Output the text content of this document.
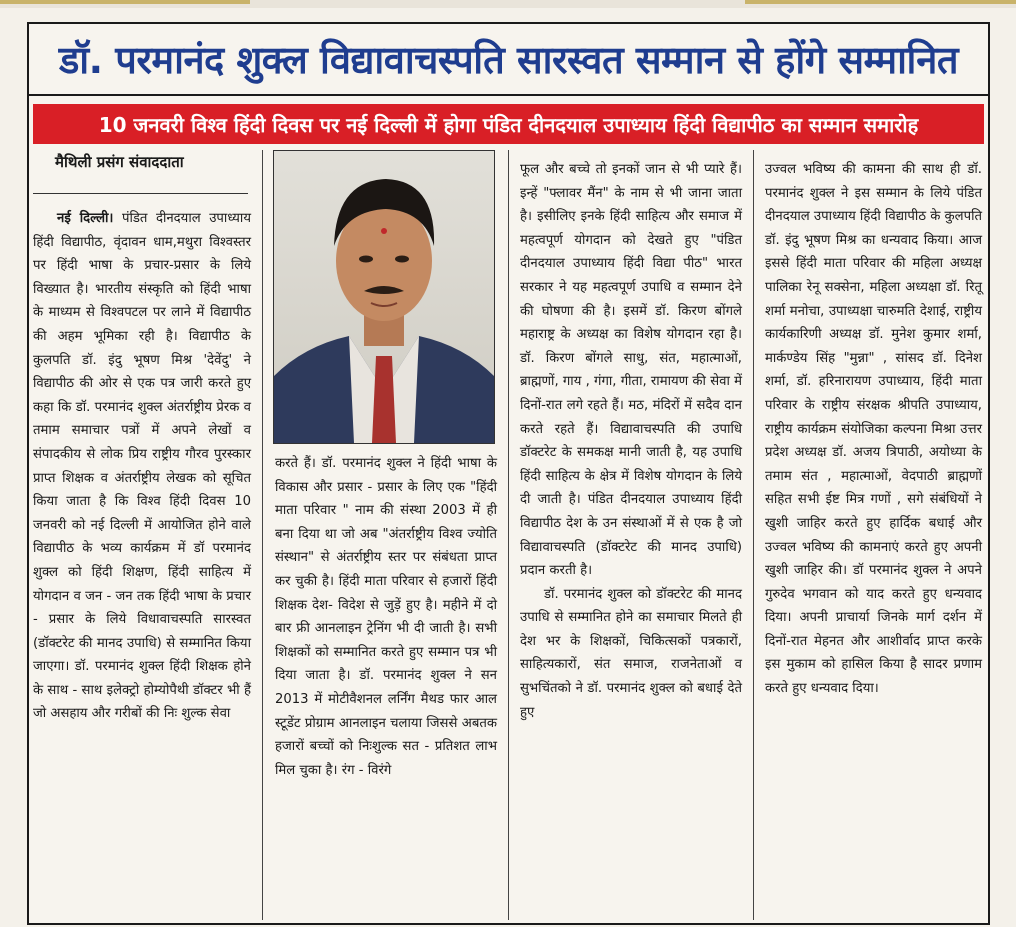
डॉ. परमानंद शुक्ल विद्यावाचस्पति सारस्वत सम्मान से होंगे सम्मानित
10 जनवरी विश्व हिंदी दिवस पर नई दिल्ली में होगा पंडित दीनदयाल उपाध्याय हिंदी विद्यापीठ का सम्मान समारोह
मैथिली प्रसंग संवाददाता

नई दिल्ली। पंडित दीनदयाल उपाध्याय हिंदी विद्यापीठ, वृंदावन धाम,मथुरा विश्वस्तर पर हिंदी भाषा के प्रचार-प्रसार के लिये विख्यात है। भारतीय संस्कृति को हिंदी भाषा के माध्यम से विश्वपटल पर लाने में विद्यापीठ की अहम भूमिका रही है। विद्यापीठ के कुलपति डॉ. इंदु भूषण मिश्र 'देवेंदु' ने विद्यापीठ की ओर से एक पत्र जारी करते हुए कहा कि डॉ. परमानंद शुक्ल अंतर्राष्ट्रीय प्रेरक व तमाम समाचार पत्रों में अपने लेखों व संपादकीय से लोक प्रिय राष्ट्रीय गौरव पुरस्कार प्राप्त शिक्षक व अंतर्राष्ट्रीय लेखक को सूचित किया जाता है कि विश्व हिंदी दिवस 10 जनवरी को नई दिल्ली में आयोजित होने वाले विद्यापीठ के भव्य कार्यक्रम में डॉ परमानंद शुक्ल को हिंदी शिक्षण, हिंदी साहित्य में योगदान व जन - जन तक हिंदी भाषा के प्रचार - प्रसार के लिये विधावाचस्पति सारस्वत (डॉक्टरेट की मानद उपाधि) से सम्मानित किया जाएगा। डॉ. परमानंद शुक्ल हिंदी शिक्षक होने के साथ - साथ इलेक्ट्रो होम्योपैथी डॉक्टर भी हैं जो असहाय और गरीबों की निः शुल्क सेवा

करते हैं। डॉ. परमानंद शुक्ल ने हिंदी भाषा के विकास और प्रसार - प्रसार के लिए एक "हिंदी माता परिवार " नाम की संस्था 2003 में ही बना दिया था जो अब "अंतर्राष्ट्रीय विश्व ज्योति संस्थान" से अंतर्राष्ट्रीय स्तर पर संबंधता प्राप्त कर चुकी है। हिंदी माता परिवार से हजारों हिंदी शिक्षक देश- विदेश से जुड़ें हुए है। महीने में दो बार फ्री आनलाइन ट्रेनिंग भी दी जाती है। सभी शिक्षकों को सम्मानित करते हुए सम्मान पत्र भी दिया जाता है। डॉ. परमानंद शुक्ल ने सन 2013 में मोटीवैशनल लर्निंग मैथड फार आल स्टूडेंट प्रोग्राम आनलाइन चलाया जिससे अबतक हजारों बच्चों को निःशुल्क सत - प्रतिशत लाभ मिल चुका है। रंग - विरंगे

फूल और बच्चे तो इनकों जान से भी प्यारे हैं। इन्हें "फ्लावर मैंन" के नाम से भी जाना जाता है। इसीलिए इनके हिंदी साहित्य और समाज में महत्वपूर्ण योगदान को देखते हुए "पंडित दीनदयाल उपाध्याय हिंदी विद्या पीठ" भारत सरकार ने यह महत्वपूर्ण उपाधि व सम्मान देने की घोषणा की है। इसमें डॉ. किरण बोंगले महाराष्ट्र के अध्यक्ष का विशेष योगदान रहा है। डॉ. किरण बोंगले साधु, संत, महात्माओं, ब्राह्मणों, गाय , गंगा, गीता, रामायण की सेवा में दिनों-रात लगे रहते हैं। मठ, मंदिरों में सदैव दान करते रहते हैं। विद्यावाचस्पति की उपाधि डॉक्टरेट के समकक्ष मानी जाती है, यह उपाधि हिंदी साहित्य के क्षेत्र में विशेष योगदान के लिये दी जाती है। पंडित दीनदयाल उपाध्याय हिंदी विद्यापीठ देश के उन संस्थाओं में से एक है जो विद्यावाचस्पति (डॉक्टरेट की मानद उपाधि) प्रदान करती है।

डॉ. परमानंद शुक्ल को डॉक्टरेट की मानद उपाधि से सम्मानित होने का समाचार मिलते ही देश भर के शिक्षकों, चिकित्सकों पत्रकारों, साहित्यकारों, संत समाज, राजनेताओं व सुभचिंतको ने डॉ. परमानंद शुक्ल को बधाई देते हुए

उज्वल भविष्य की कामना की साथ ही डॉ. परमानंद शुक्ल ने इस सम्मान के लिये पंडित दीनदयाल उपाध्याय हिंदी विद्यापीठ के कुलपति डॉ. इंदु भूषण मिश्र का धन्यवाद किया। आज इससे हिंदी माता परिवार की महिला अध्यक्ष पालिका रेनू सक्सेना, महिला अध्यक्षा डॉ. रितू शर्मा मनोचा, उपाध्यक्षा चारुमति देशाई, राष्ट्रीय कार्यकारिणी अध्यक्ष डॉ. मुनेश कुमार शर्मा, मार्कण्डेय सिंह "मुन्ना" , सांसद डॉ. दिनेश शर्मा, डॉ. हरिनारायण उपाध्याय, हिंदी माता परिवार के राष्ट्रीय संरक्षक श्रीपति उपाध्याय, राष्ट्रीय कार्यक्रम संयोजिका कल्पना मिश्रा उत्तर प्रदेश अध्यक्ष डॉ. अजय त्रिपाठी, अयोध्या के तमाम संत , महात्माओं, वेदपाठी ब्राह्मणों सहित सभी ईष्ट मित्र गणों , सगे संबंधियों ने खुशी जाहिर करते हुए हार्दिक बधाई और उज्वल भविष्य की कामनाएं करते हुए अपनी खुशी जाहिर की। डॉ परमानंद शुक्ल ने अपने गुरुदेव भगवान को याद करते हुए धन्यवाद दिया। अपनी प्राचार्या जिनके मार्ग दर्शन में दिनों-रात मेहनत और आशीर्वाद प्राप्त करके इस मुकाम को हासिल किया है सादर प्रणाम करते हुए धन्यवाद दिया।
